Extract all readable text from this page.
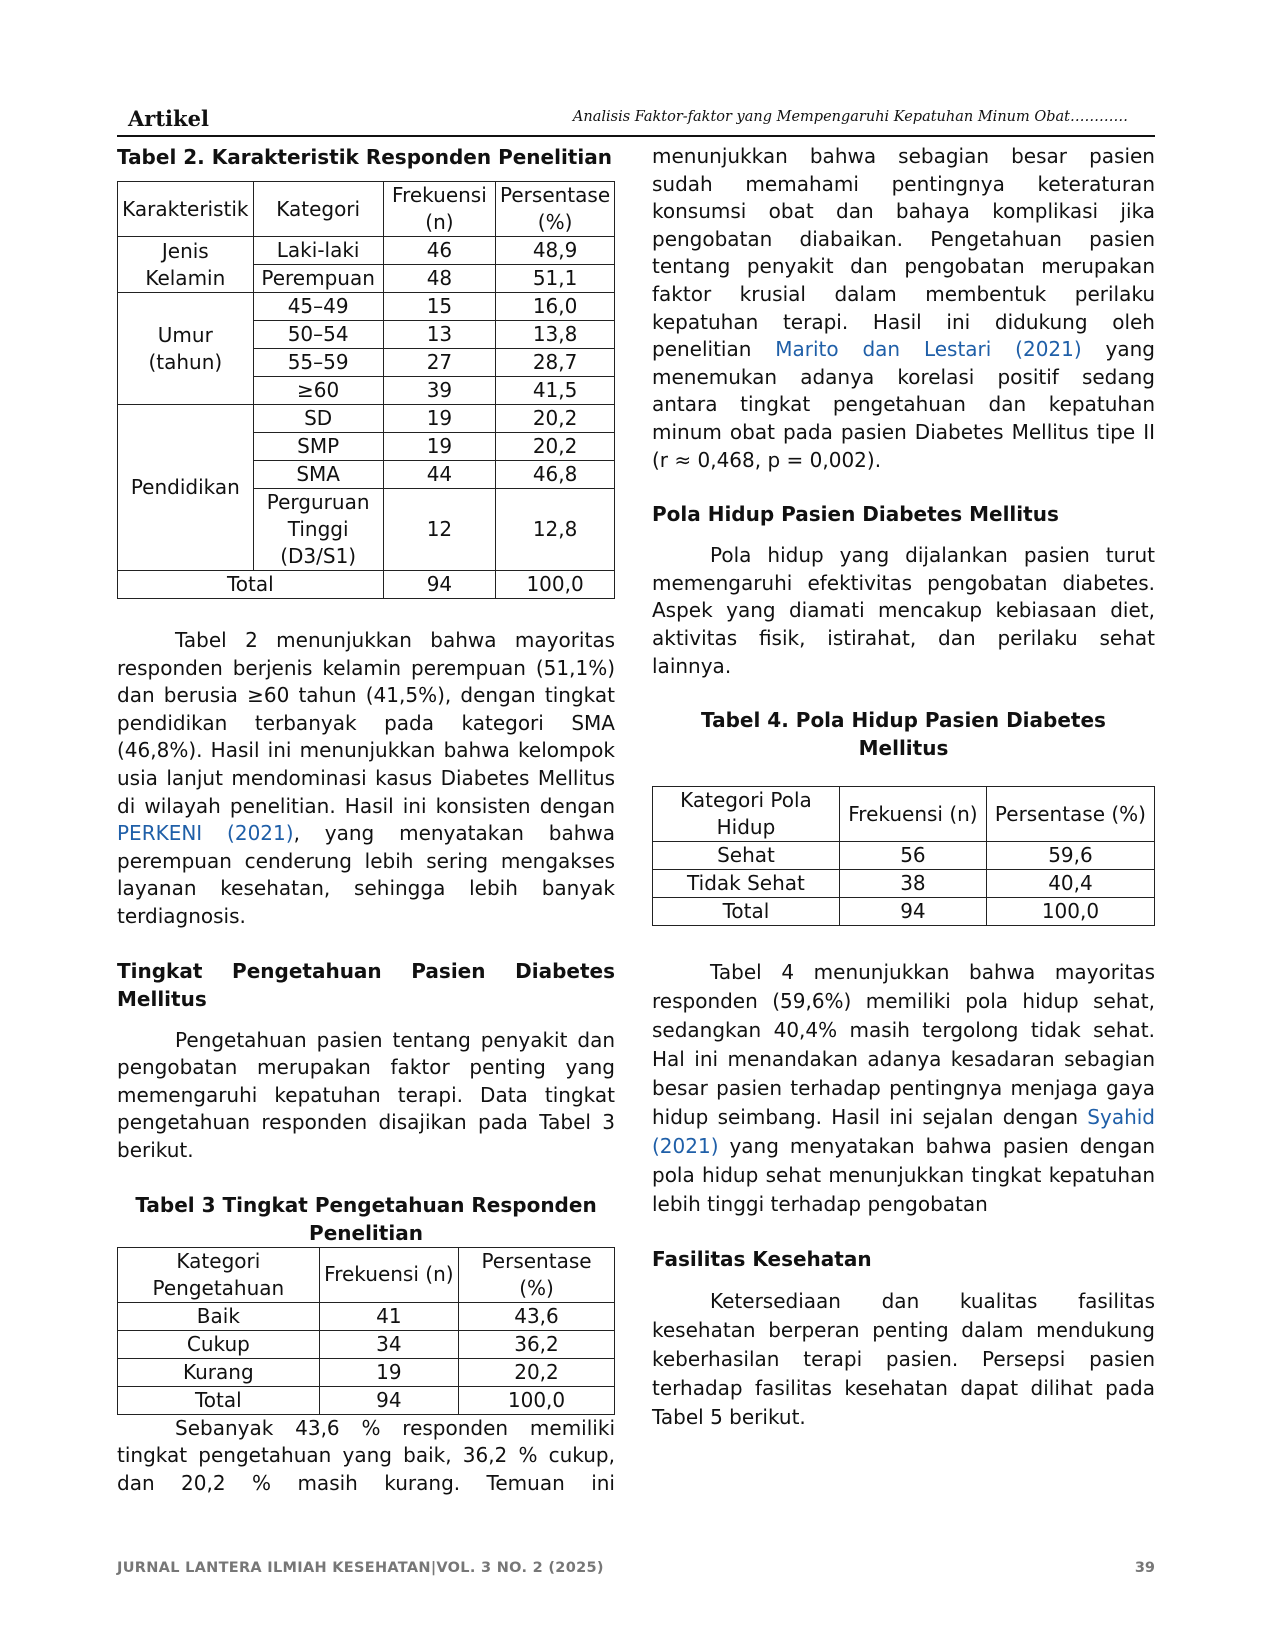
Artikel	Analisis Faktor-faktor yang Mempengaruhi Kepatuhan Minum Obat…………
Tabel 2. Karakteristik Responden Penelitian
Karakteristik	Kategori	Frekuensi (n)	Persentase (%)
Jenis Kelamin	Laki-laki	46	48,9
	Perempuan	48	51,1
Umur (tahun)	45–49	15	16,0
	50–54	13	13,8
	55–59	27	28,7
	≥60	39	41,5
Pendidikan	SD	19	20,2
	SMP	19	20,2
	SMA	44	46,8
	Perguruan Tinggi (D3/S1)	12	12,8
Total		94	100,0

Tabel 2 menunjukkan bahwa mayoritas responden berjenis kelamin perempuan (51,1%) dan berusia ≥60 tahun (41,5%), dengan tingkat pendidikan terbanyak pada kategori SMA (46,8%). Hasil ini menunjukkan bahwa kelompok usia lanjut mendominasi kasus Diabetes Mellitus di wilayah penelitian. Hasil ini konsisten dengan PERKENI (2021), yang menyatakan bahwa perempuan cenderung lebih sering mengakses layanan kesehatan, sehingga lebih banyak terdiagnosis.

Tingkat Pengetahuan Pasien Diabetes Mellitus

Pengetahuan pasien tentang penyakit dan pengobatan merupakan faktor penting yang memengaruhi kepatuhan terapi. Data tingkat pengetahuan responden disajikan pada Tabel 3 berikut.

Tabel 3 Tingkat Pengetahuan Responden Penelitian
Kategori Pengetahuan	Frekuensi (n)	Persentase (%)
Baik	41	43,6
Cukup	34	36,2
Kurang	19	20,2
Total	94	100,0

Sebanyak 43,6 % responden memiliki tingkat pengetahuan yang baik, 36,2 % cukup, dan 20,2 % masih kurang. Temuan ini

menunjukkan bahwa sebagian besar pasien sudah memahami pentingnya keteraturan konsumsi obat dan bahaya komplikasi jika pengobatan diabaikan. Pengetahuan pasien tentang penyakit dan pengobatan merupakan faktor krusial dalam membentuk perilaku kepatuhan terapi. Hasil ini didukung oleh penelitian Marito dan Lestari (2021) yang menemukan adanya korelasi positif sedang antara tingkat pengetahuan dan kepatuhan minum obat pada pasien Diabetes Mellitus tipe II (r ≈ 0,468, p = 0,002).

Pola Hidup Pasien Diabetes Mellitus

Pola hidup yang dijalankan pasien turut memengaruhi efektivitas pengobatan diabetes. Aspek yang diamati mencakup kebiasaan diet, aktivitas fisik, istirahat, dan perilaku sehat lainnya.

Tabel 4. Pola Hidup Pasien Diabetes Mellitus
Kategori Pola Hidup	Frekuensi (n)	Persentase (%)
Sehat	56	59,6
Tidak Sehat	38	40,4
Total	94	100,0

Tabel 4 menunjukkan bahwa mayoritas responden (59,6%) memiliki pola hidup sehat, sedangkan 40,4% masih tergolong tidak sehat. Hal ini menandakan adanya kesadaran sebagian besar pasien terhadap pentingnya menjaga gaya hidup seimbang. Hasil ini sejalan dengan Syahid (2021) yang menyatakan bahwa pasien dengan pola hidup sehat menunjukkan tingkat kepatuhan lebih tinggi terhadap pengobatan

Fasilitas Kesehatan

Ketersediaan dan kualitas fasilitas kesehatan berperan penting dalam mendukung keberhasilan terapi pasien. Persepsi pasien terhadap fasilitas kesehatan dapat dilihat pada Tabel 5 berikut.

JURNAL LANTERA ILMIAH KESEHATAN|VOL. 3 NO. 2 (2025)	39
